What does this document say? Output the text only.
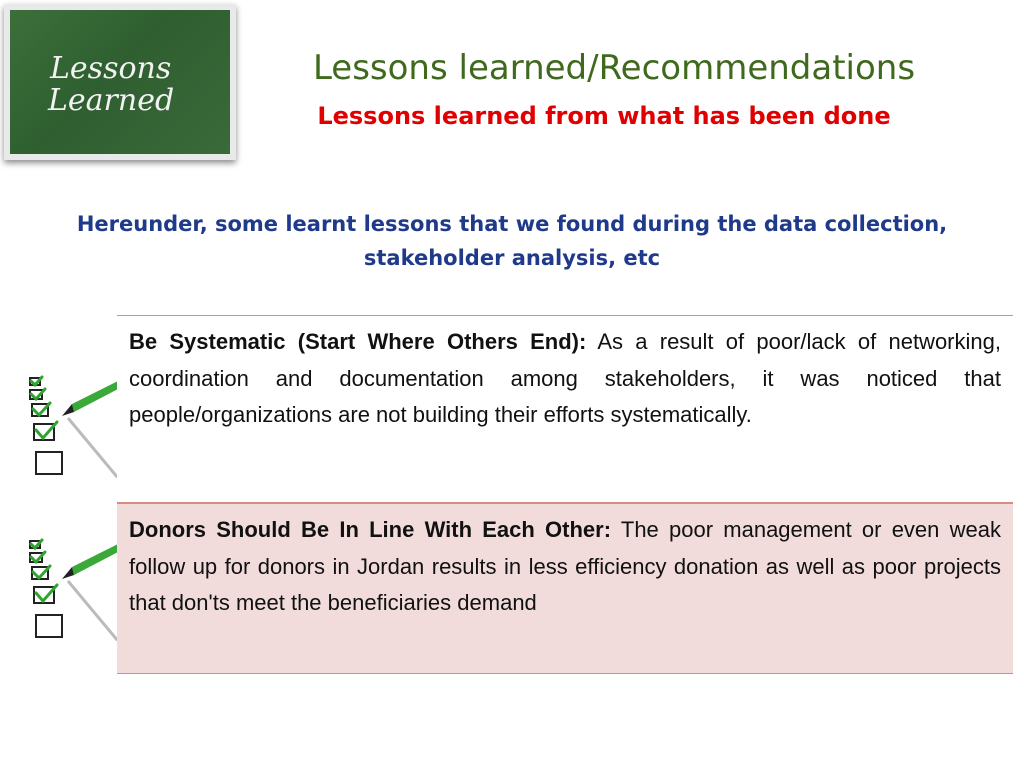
Lessons
Learned
Lessons learned/Recommendations
Lessons learned from what has been done
Hereunder, some learnt lessons that we found during the data collection,
stakeholder analysis, etc
Be Systematic (Start Where Others End): As a result of poor/lack of networking, coordination and documentation among stakeholders, it was noticed that people/organizations are not building their efforts systematically.
Donors Should Be In Line With Each Other: The poor management or even weak follow up for donors in Jordan results in less efficiency donation as well as poor projects that don'ts meet the beneficiaries demand
